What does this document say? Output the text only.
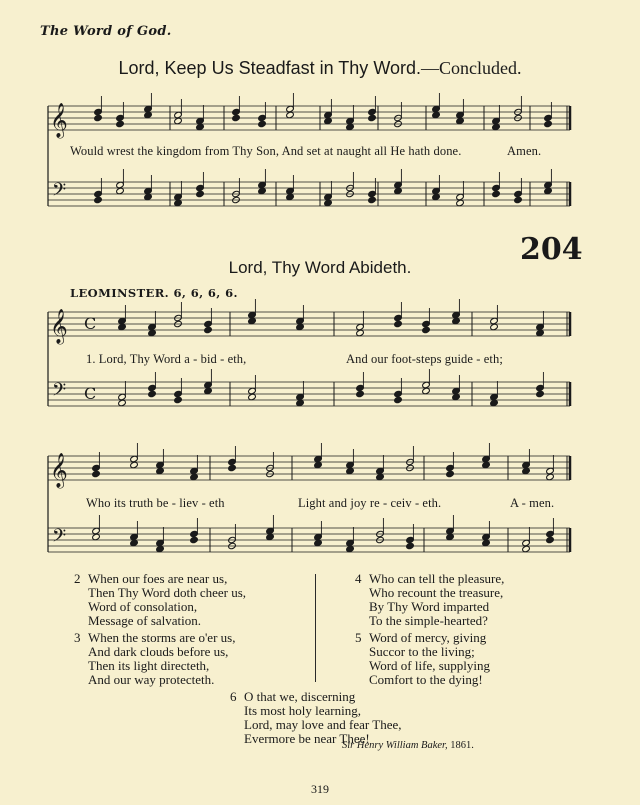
The Word of God.
Lord, Keep Us Steadfast in Thy Word.—Concluded.
𝄞
𝄢
𝄞
𝄢
C
C
𝄞
𝄢
Would wrest the kingdom from Thy Son, And set at naught all He hath done.	Amen.
204
Lord, Thy Word Abideth.
LEOMINSTER. 6, 6, 6, 6.
1. Lord, Thy Word a - bid - eth,	And our foot-steps guide - eth;
Who its truth be - liev - eth	Light and joy re - ceiv - eth.	A - men.
2 When our foes are near us,
Then Thy Word doth cheer us,
Word of consolation,
Message of salvation.
3 When the storms are o'er us,
And dark clouds before us,
Then its light directeth,
And our way protecteth.
4 Who can tell the pleasure,
Who recount the treasure,
By Thy Word imparted
To the simple-hearted?
5 Word of mercy, giving
Succor to the living;
Word of life, supplying
Comfort to the dying!
6 O that we, discerning
Its most holy learning,
Lord, may love and fear Thee,
Evermore be near Thee!
Sir Henry William Baker, 1861.
319
